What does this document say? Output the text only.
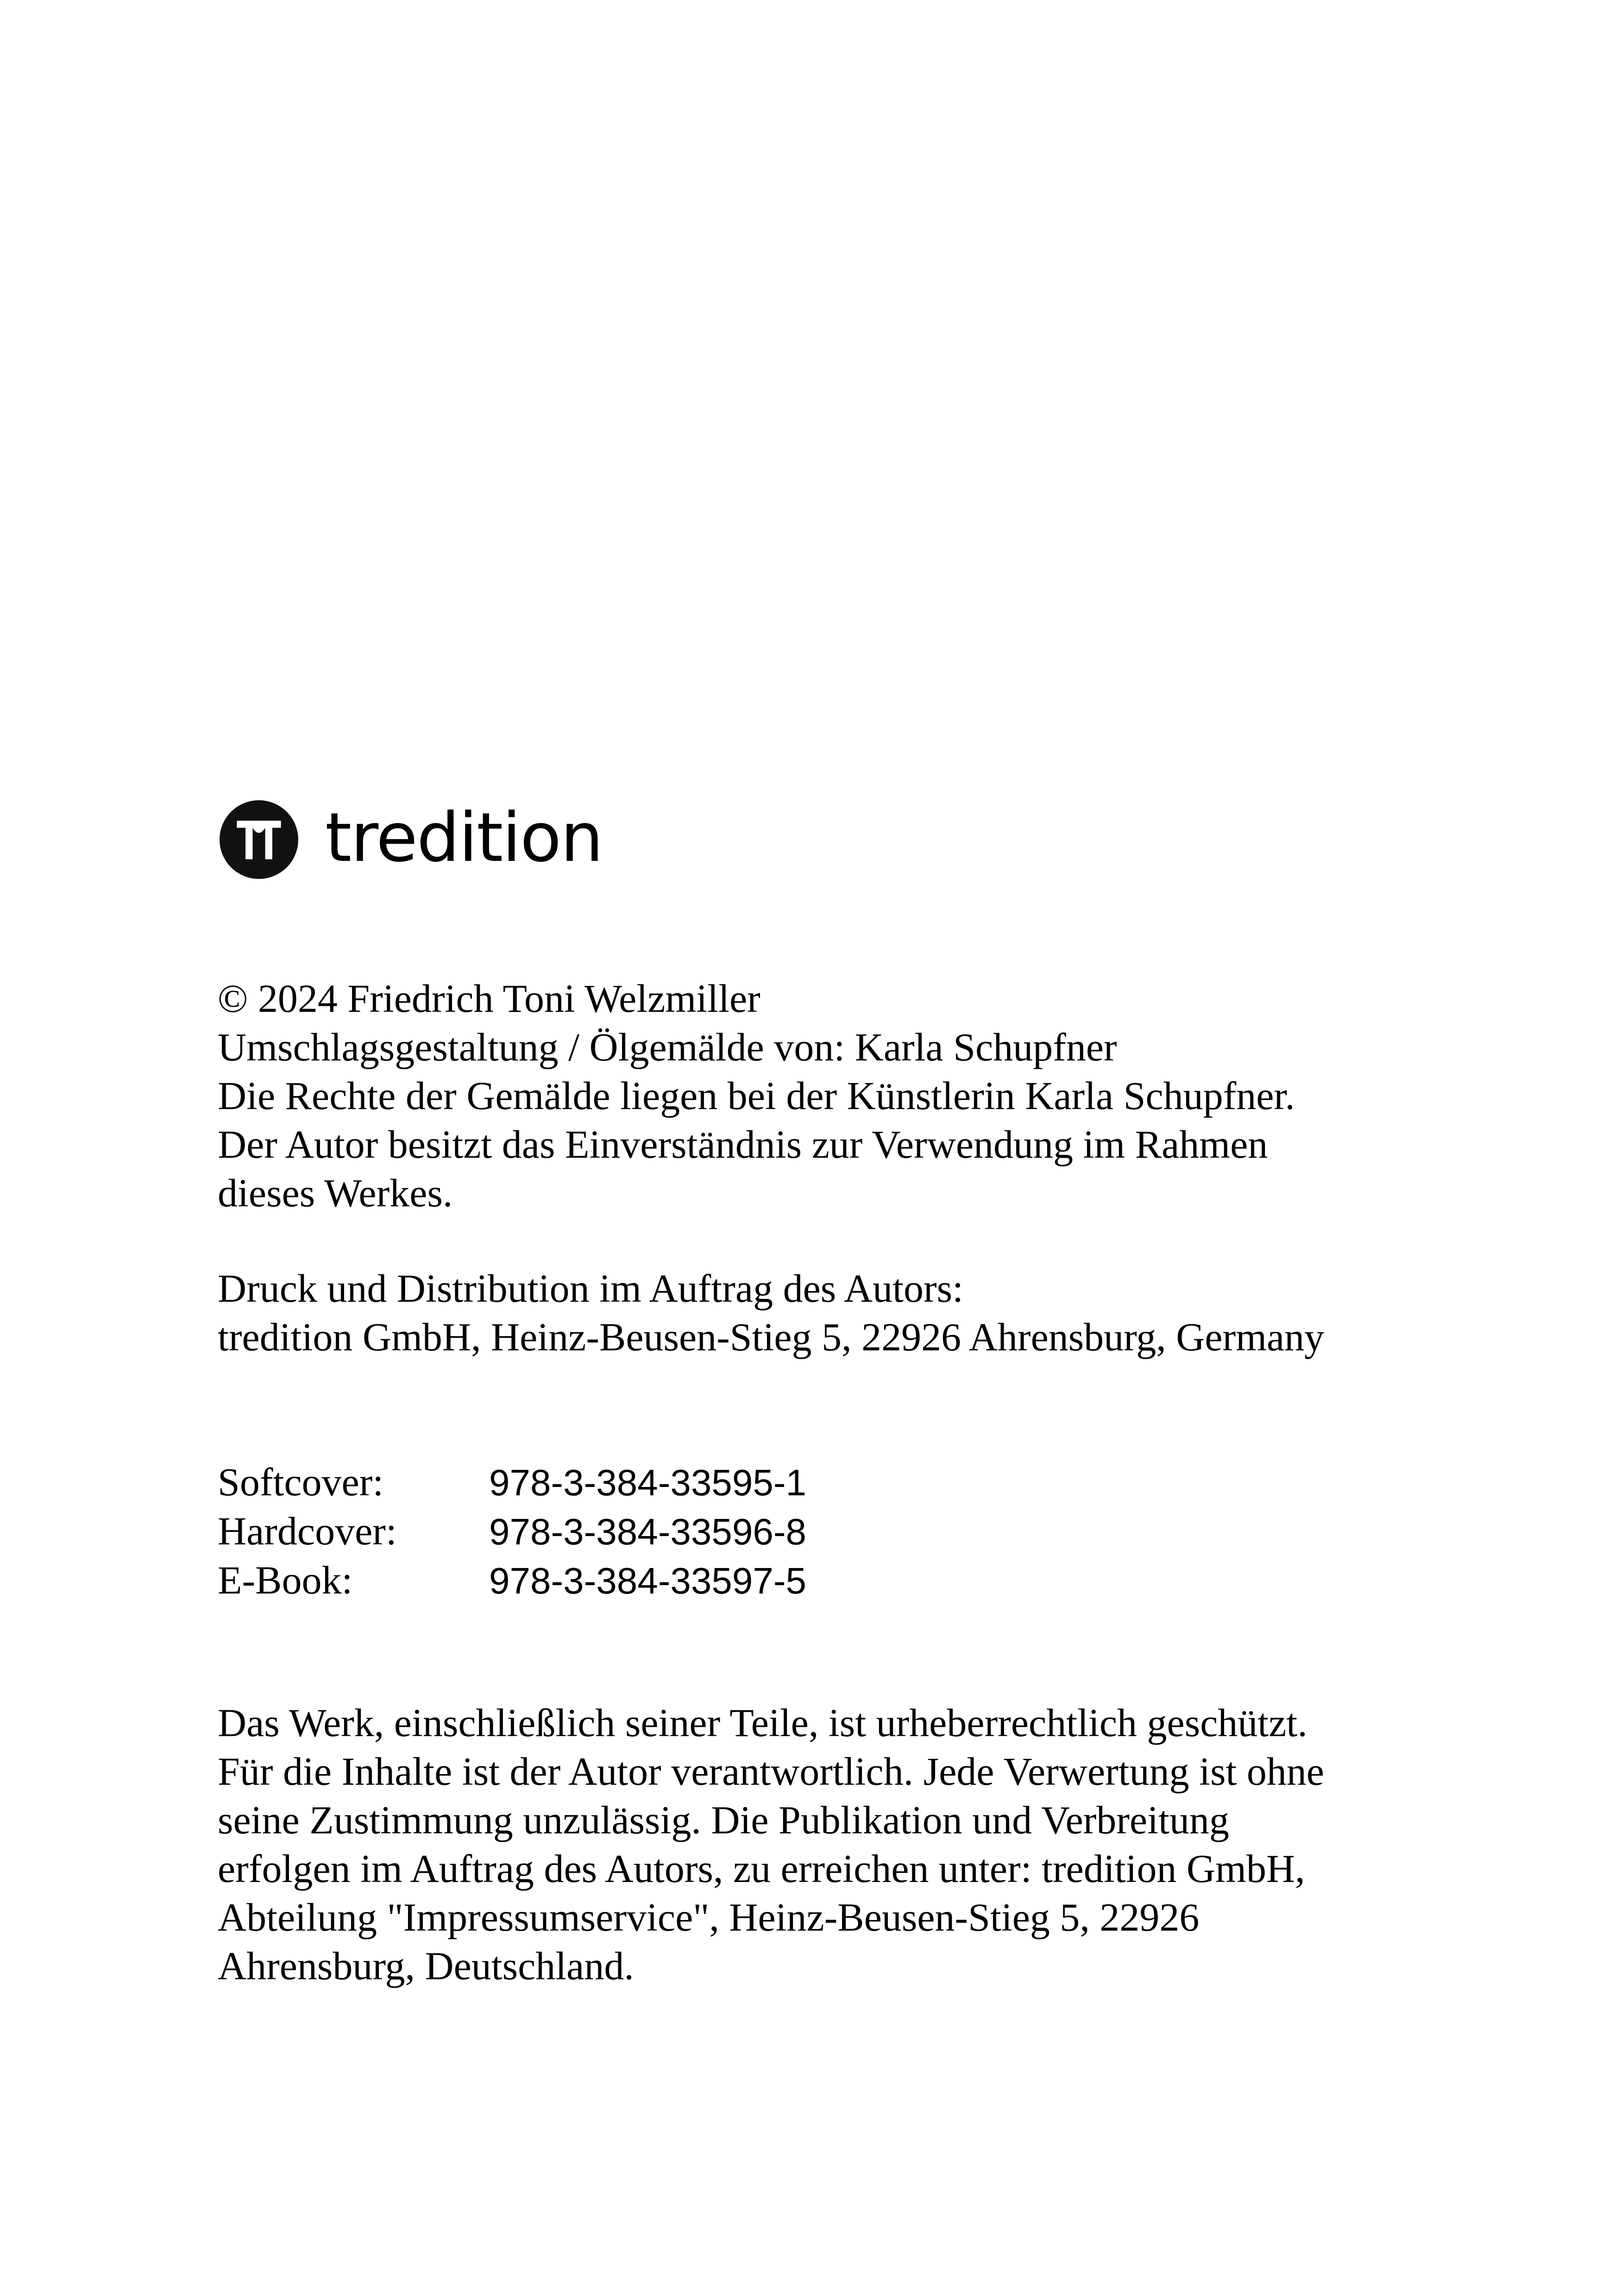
tredition
© 2024 Friedrich Toni Welzmiller
Umschlagsgestaltung / Ölgemälde von: Karla Schupfner
Die Rechte der Gemälde liegen bei der Künstlerin Karla Schupfner.
Der Autor besitzt das Einverständnis zur Verwendung im Rahmen
dieses Werkes.
Druck und Distribution im Auftrag des Autors:
tredition GmbH, Heinz-Beusen-Stieg 5, 22926 Ahrensburg, Germany
Softcover:	978-3-384-33595-1
Hardcover: 978-3-384-33596-8
E-Book:	978-3-384-33597-5
Das Werk, einschließlich seiner Teile, ist urheberrechtlich geschützt.
Für die Inhalte ist der Autor verantwortlich. Jede Verwertung ist ohne
seine Zustimmung unzulässig. Die Publikation und Verbreitung
erfolgen im Auftrag des Autors, zu erreichen unter: tredition GmbH,
Abteilung "Impressumservice", Heinz-Beusen-Stieg 5, 22926
Ahrensburg, Deutschland.
